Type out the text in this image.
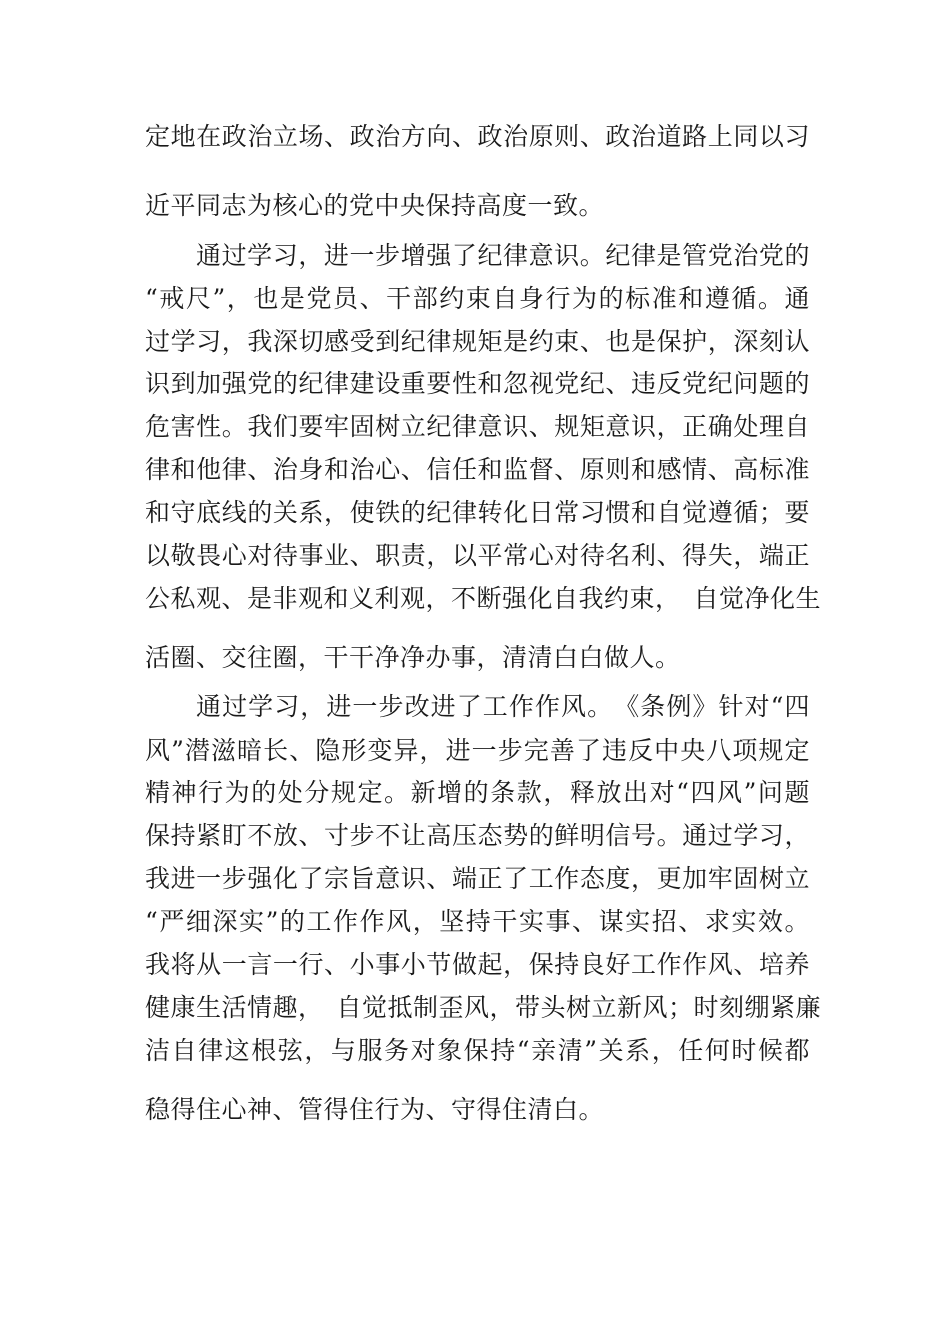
定地在政治立场、政治方向、政治原则、政治道路上同以习
近平同志为核心的党中央保持高度一致。
通过学习，进一步增强了纪律意识。纪律是管党治党的
“戒尺”，也是党员、干部约束自身行为的标准和遵循。通
过学习，我深切感受到纪律规矩是约束、也是保护，深刻认
识到加强党的纪律建设重要性和忽视党纪、违反党纪问题的
危害性。我们要牢固树立纪律意识、规矩意识，正确处理自
律和他律、治身和治心、信任和监督、原则和感情、高标准
和守底线的关系，使铁的纪律转化日常习惯和自觉遵循；要
以敬畏心对待事业、职责，以平常心对待名利、得失，端正
公私观、是非观和义利观，不断强化自我约束，　自觉净化生
活圈、交往圈，干干净净办事，清清白白做人。
通过学习，进一步改进了工作作风。　《条例》针对“四
风”潜滋暗长、隐形变异，进一步完善了违反中央八项规定
精神行为的处分规定。新增的条款，释放出对“四风”问题
保持紧盯不放、寸步不让高压态势的鲜明信号。通过学习，
我进一步强化了宗旨意识、端正了工作态度，更加牢固树立
“严细深实”的工作作风，坚持干实事、谋实招、求实效。
我将从一言一行、小事小节做起，保持良好工作作风、培养
健康生活情趣，　自觉抵制歪风，带头树立新风；时刻绷紧廉
洁自律这根弦，与服务对象保持“亲清”关系，任何时候都
稳得住心神、管得住行为、守得住清白。
